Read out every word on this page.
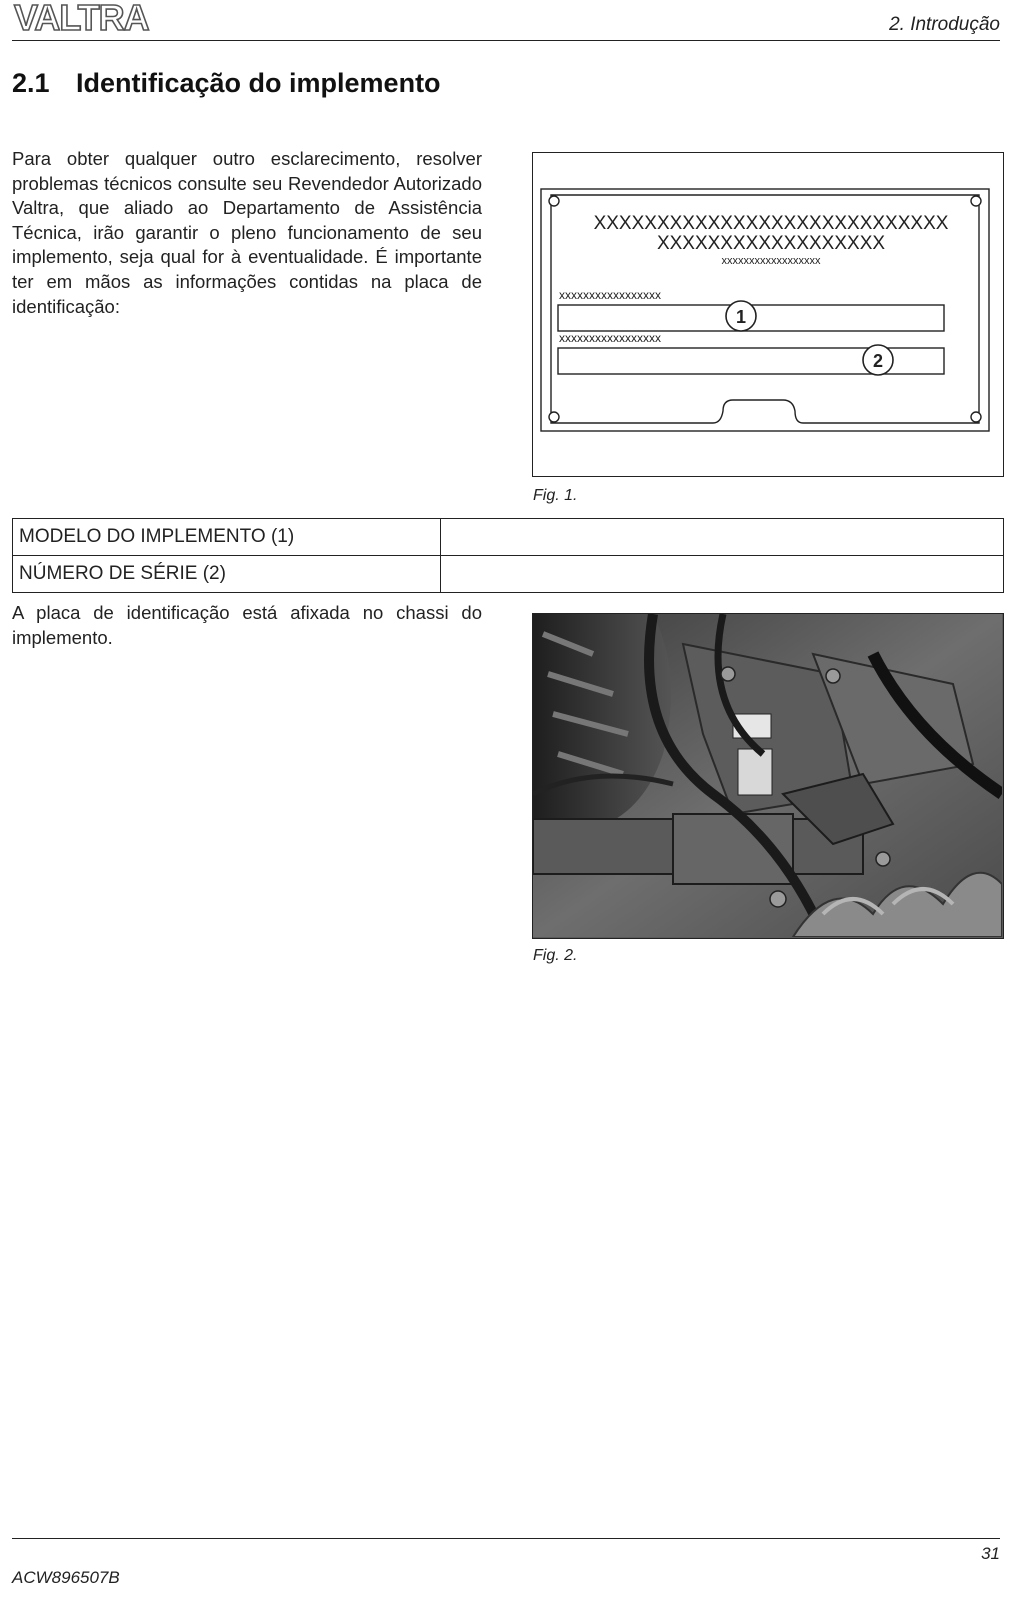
VALTRA	2. Introdução
2.1 Identificação do implemento

Para obter qualquer outro esclarecimento, resolver problemas técnicos consulte seu Revendedor Autorizado Valtra, que aliado ao Departamento de Assistência Técnica, irão garantir o pleno funcionamento de seu implemento, seja qual for à eventualidade. É importante ter em mãos as informações contidas na placa de identificação:

XXXXXXXXXXXXXXXXXXXXXXXXXXXX
XXXXXXXXXXXXXXXXXX
xxxxxxxxxxxxxxxxxx
xxxxxxxxxxxxxxxxx
1
xxxxxxxxxxxxxxxxx
2
Fig. 1.
MODELO DO IMPLEMENTO (1)	
NÚMERO DE SÉRIE (2)	

A placa de identificação está afixada no chassi do implemento.

Fig. 2.
31
ACW896507B
